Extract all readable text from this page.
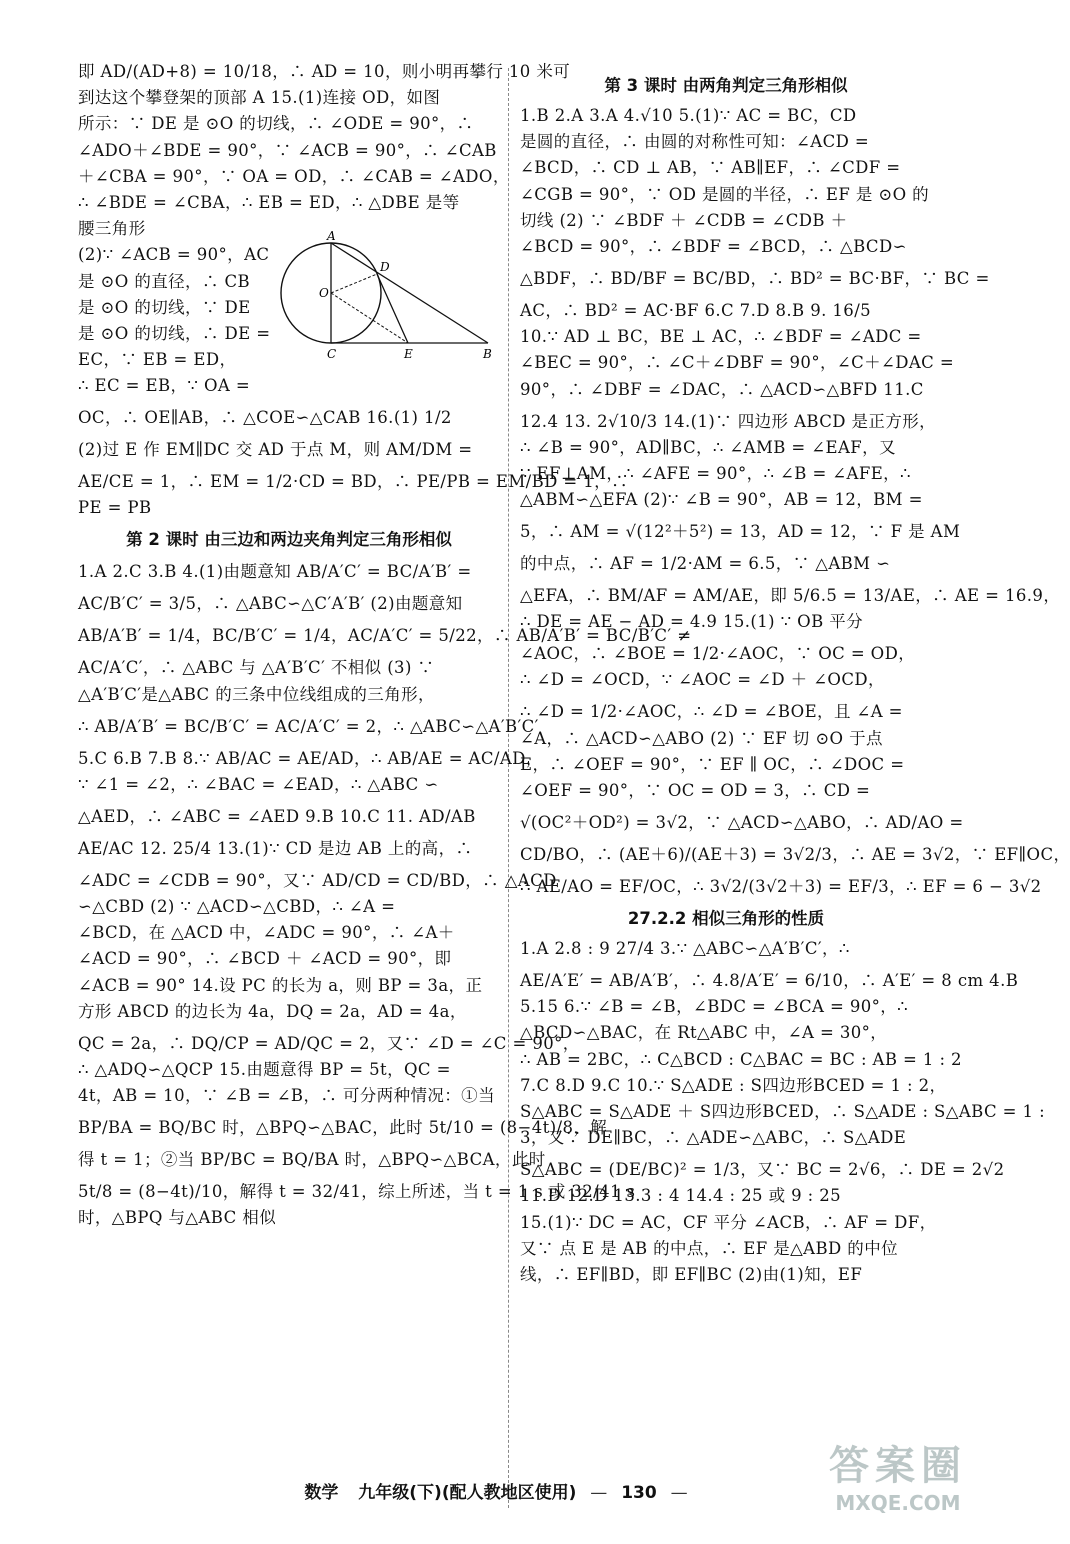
即 AD/(AD+8) = 10/18，∴ AD = 10，则小明再攀行 10 米可
到达这个攀登架的顶部 A 15.(1)连接 OD，如图
所示：∵ DE 是 ⊙O 的切线，∴ ∠ODE = 90°，∴
∠ADO＋∠BDE = 90°，∵ ∠ACB = 90°，∴ ∠CAB
＋∠CBA = 90°，∵ OA = OD，∴ ∠CAB = ∠ADO，
∴ ∠BDE = ∠CBA，∴ EB = ED，∴ △DBE 是等
腰三角形
(2)∵ ∠ACB = 90°，AC
是 ⊙O 的直径，∴ CB
是 ⊙O 的切线，∵ DE
是 ⊙O 的切线，∴ DE =
EC，∵ EB = ED，
∴ EC = EB，∵ OA =
A
D
O
C	E	B
OC，∴ OE∥AB，∴ △COE∽△CAB 16.(1) 1/2
(2)过 E 作 EM∥DC 交 AD 于点 M，则 AM/DM =
AE/CE = 1，∴ EM = 1/2·CD = BD，∴ PE/PB = EM/BD = 1，∴
PE = PB
第 2 课时 由三边和两边夹角判定三角形相似
1.A 2.C 3.B 4.(1)由题意知 AB/A′C′ = BC/A′B′ =
AC/B′C′ = 3/5，∴ △ABC∽△C′A′B′ (2)由题意知
AB/A′B′ = 1/4，BC/B′C′ = 1/4，AC/A′C′ = 5/22，∴ AB/A′B′ = BC/B′C′ ≠
AC/A′C′，∴ △ABC 与 △A′B′C′ 不相似 (3) ∵
△A′B′C′是△ABC 的三条中位线组成的三角形，
∴ AB/A′B′ = BC/B′C′ = AC/A′C′ = 2，∴ △ABC∽△A′B′C′
5.C 6.B 7.B 8.∵ AB/AC = AE/AD，∴ AB/AE = AC/AD，
∵ ∠1 = ∠2，∴ ∠BAC = ∠EAD，∴ △ABC ∽
△AED，∴ ∠ABC = ∠AED 9.B 10.C 11. AD/AB
AE/AC 12. 25/4 13.(1)∵ CD 是边 AB 上的高，∴
∠ADC = ∠CDB = 90°，又∵ AD/CD = CD/BD，∴ △ACD
∽△CBD (2) ∵ △ACD∽△CBD，∴ ∠A =
∠BCD，在 △ACD 中，∠ADC = 90°，∴ ∠A＋
∠ACD = 90°，∴ ∠BCD ＋ ∠ACD = 90°，即
∠ACB = 90° 14.设 PC 的长为 a，则 BP = 3a，正
方形 ABCD 的边长为 4a，DQ = 2a，AD = 4a，
QC = 2a，∴ DQ/CP = AD/QC = 2，又∵ ∠D = ∠C = 90°，
∴ △ADQ∽△QCP 15.由题意得 BP = 5t，QC =
4t，AB = 10，∵ ∠B = ∠B，∴ 可分两种情况：①当
BP/BA = BQ/BC 时，△BPQ∽△BAC，此时 5t/10 = (8−4t)/8，解
得 t = 1；②当 BP/BC = BQ/BA 时，△BPQ∽△BCA，此时
5t/8 = (8−4t)/10，解得 t = 32/41，综上所述，当 t = 1 s 或 32/41 s
时，△BPQ 与△ABC 相似
第 3 课时 由两角判定三角形相似
1.B 2.A 3.A 4.√10 5.(1)∵ AC = BC，CD
是圆的直径，∴ 由圆的对称性可知：∠ACD =
∠BCD，∴ CD ⊥ AB，∵ AB∥EF，∴ ∠CDF =
∠CGB = 90°，∵ OD 是圆的半径，∴ EF 是 ⊙O 的
切线 (2) ∵ ∠BDF ＋ ∠CDB = ∠CDB ＋
∠BCD = 90°，∴ ∠BDF = ∠BCD，∴ △BCD∽
△BDF，∴ BD/BF = BC/BD，∴ BD² = BC·BF，∵ BC =
AC，∴ BD² = AC·BF 6.C 7.D 8.B 9. 16/5
10.∵ AD ⊥ BC，BE ⊥ AC，∴ ∠BDF = ∠ADC =
∠BEC = 90°，∴ ∠C＋∠DBF = 90°，∠C＋∠DAC =
90°，∴ ∠DBF = ∠DAC，∴ △ACD∽△BFD 11.C
12.4 13. 2√10/3 14.(1)∵ 四边形 ABCD 是正方形，
∴ ∠B = 90°，AD∥BC，∴ ∠AMB = ∠EAF，又
∵ EF⊥AM，∴ ∠AFE = 90°，∴ ∠B = ∠AFE，∴
△ABM∽△EFA (2)∵ ∠B = 90°，AB = 12，BM =
5，∴ AM = √(12²＋5²) = 13，AD = 12，∵ F 是 AM
的中点，∴ AF = 1/2·AM = 6.5，∵ △ABM ∽
△EFA，∴ BM/AF = AM/AE，即 5/6.5 = 13/AE，∴ AE = 16.9，
∴ DE = AE − AD = 4.9 15.(1) ∵ OB 平分
∠AOC，∴ ∠BOE = 1/2·∠AOC，∵ OC = OD，
∴ ∠D = ∠OCD，∵ ∠AOC = ∠D ＋ ∠OCD，
∴ ∠D = 1/2·∠AOC，∴ ∠D = ∠BOE，且 ∠A =
∠A，∴ △ACD∽△ABO (2) ∵ EF 切 ⊙O 于点
E，∴ ∠OEF = 90°，∵ EF ∥ OC，∴ ∠DOC =
∠OEF = 90°，∵ OC = OD = 3，∴ CD =
√(OC²＋OD²) = 3√2，∵ △ACD∽△ABO，∴ AD/AO =
CD/BO，∴ (AE＋6)/(AE＋3) = 3√2/3，∴ AE = 3√2，∵ EF∥OC，
∴ AE/AO = EF/OC，∴ 3√2/(3√2＋3) = EF/3，∴ EF = 6 − 3√2
27.2.2 相似三角形的性质
1.A 2.8 : 9 27/4 3.∵ △ABC∽△A′B′C′，∴
AE/A′E′ = AB/A′B′，∴ 4.8/A′E′ = 6/10，∴ A′E′ = 8 cm 4.B
5.15 6.∵ ∠B = ∠B，∠BDC = ∠BCA = 90°，∴
△BCD∽△BAC，在 Rt△ABC 中，∠A = 30°，
∴ AB = 2BC，∴ C△BCD : C△BAC = BC : AB = 1 : 2
7.C 8.D 9.C 10.∵ S△ADE : S四边形BCED = 1 : 2，
S△ABC = S△ADE ＋ S四边形BCED，∴ S△ADE : S△ABC = 1 :
3，又∵ DE∥BC，∴ △ADE∽△ABC，∴ S△ADE
S△ABC = (DE/BC)² = 1/3，又∵ BC = 2√6，∴ DE = 2√2
11.D 12.D 13.3 : 4 14.4 : 25 或 9 : 25
15.(1)∵ DC = AC，CF 平分 ∠ACB，∴ AF = DF，
又∵ 点 E 是 AB 的中点，∴ EF 是△ABD 的中位
线，∴ EF∥BD，即 EF∥BC (2)由(1)知，EF
数学 九年级(下)(配人教地区使用) — 130 —
答案圈
MXQE.COM
